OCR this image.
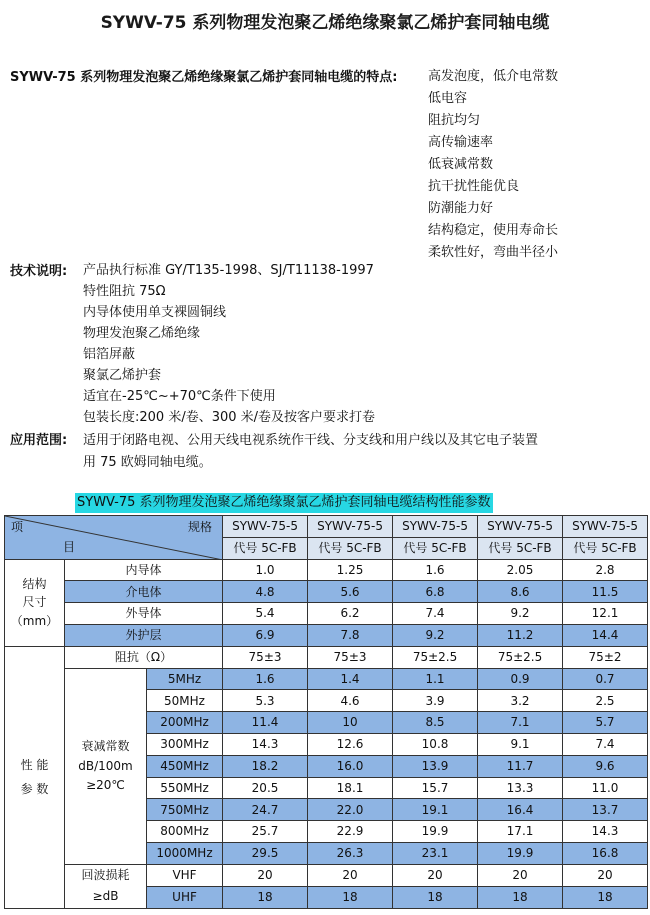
SYWV-75 系列物理发泡聚乙烯绝缘聚氯乙烯护套同轴电缆
SYWV-75 系列物理发泡聚乙烯绝缘聚氯乙烯护套同轴电缆的特点: 高发泡度，低介电常数
低电容
阻抗均匀
高传输速率
低衰减常数
抗干扰性能优良
防潮能力好
结构稳定，使用寿命长
柔软性好，弯曲半径小
技术说明: 产品执行标准 GY/T135-1998、SJ/T11138-1997
特性阻抗 75Ω
内导体使用单支裸圆铜线
物理发泡聚乙烯绝缘
铝箔屏蔽
聚氯乙烯护套
适宜在-25℃~+70℃条件下使用
包装长度:200 米/卷、300 米/卷及按客户要求打卷
应用范围: 适用于闭路电视、公用天线电视系统作干线、分支线和用户线以及其它电子装置
用 75 欧姆同轴电缆。
SYWV-75 系列物理发泡聚乙烯绝缘聚氯乙烯护套同轴电缆结构性能参数
规格
项
目			SYWV-75-5	SYWV-75-5	SYWV-75-5	SYWV-75-5	SYWV-75-5
			代号 5C-FB	代号 5C-FB	代号 5C-FB	代号 5C-FB	代号 5C-FB

结构
尺寸
（mm）	内导体		1.0	1.25	1.6	2.05	2.8
	介电体		4.8	5.6	6.8	8.6	11.5
	外导体		5.4	6.2	7.4	9.2	12.1
	外护层		6.9	7.8	9.2	11.2	14.4

性 能
参 数	阻抗（Ω）		75±3	75±3	75±2.5	75±2.5	75±2

	衰减常数
dB/100m
≥20℃	5MHz	1.6	1.4	1.1	0.9	0.7
		50MHz	5.3	4.6	3.9	3.2	2.5
		200MHz	11.4	10	8.5	7.1	5.7
		300MHz	14.3	12.6	10.8	9.1	7.4
		450MHz	18.2	16.0	13.9	11.7	9.6
		550MHz	20.5	18.1	15.7	13.3	11.0
		750MHz	24.7	22.0	19.1	16.4	13.7
		800MHz	25.7	22.9	19.9	17.1	14.3
		1000MHz	29.5	26.3	23.1	19.9	16.8

	回波损耗
≥dB	VHF	20	20	20	20	20
		UHF	18	18	18	18	18
